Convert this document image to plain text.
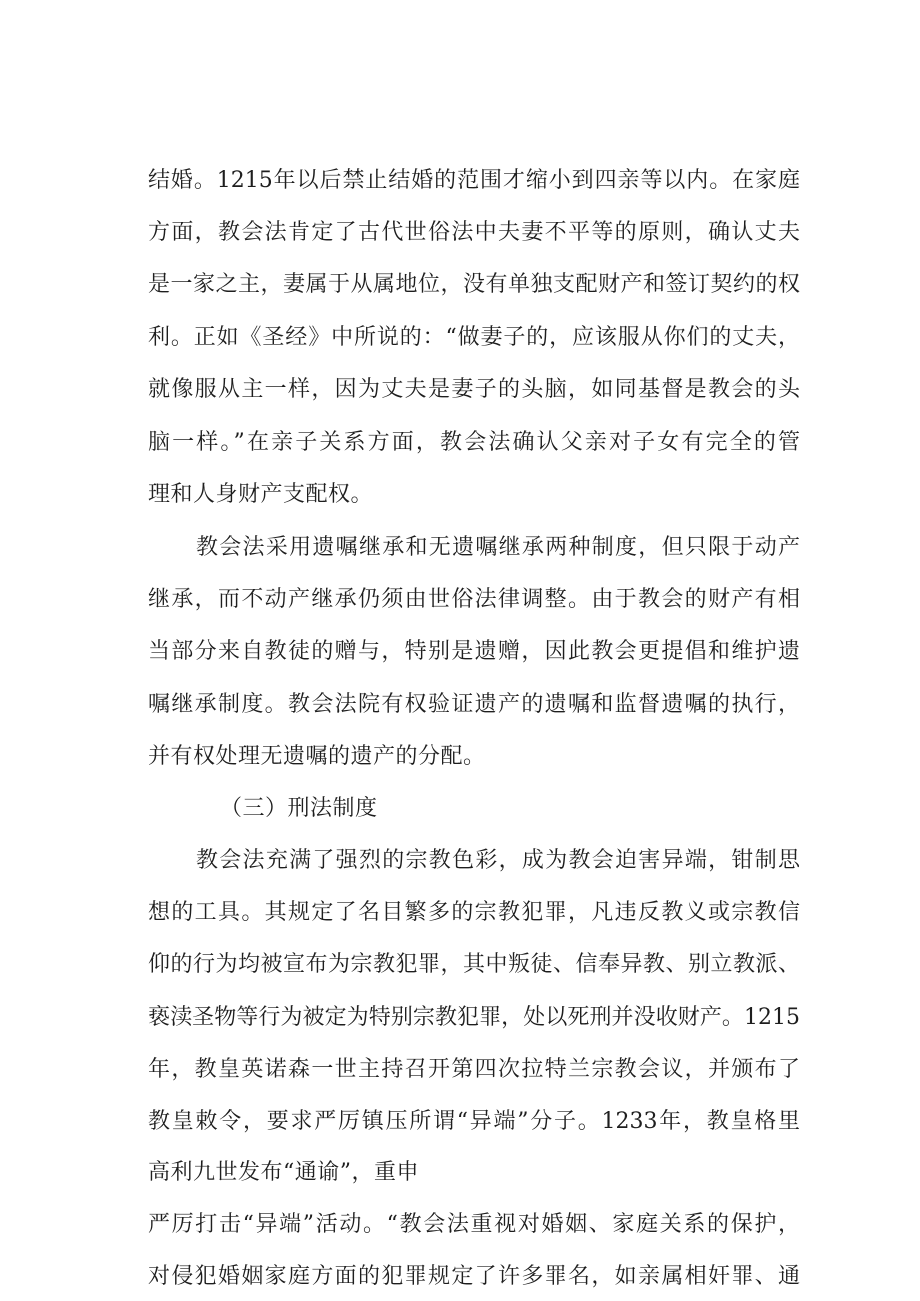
结婚。1215年以后禁止结婚的范围才缩小到四亲等以内。在家庭
方面，教会法肯定了古代世俗法中夫妻不平等的原则，确认丈夫
是一家之主，妻属于从属地位，没有单独支配财产和签订契约的权
利。正如《圣经》中所说的：“做妻子的，应该服从你们的丈夫，
就像服从主一样，因为丈夫是妻子的头脑，如同基督是教会的头
脑一样。”在亲子关系方面，教会法确认父亲对子女有完全的管
理和人身财产支配权。
教会法采用遗嘱继承和无遗嘱继承两种制度，但只限于动产
继承，而不动产继承仍须由世俗法律调整。由于教会的财产有相
当部分来自教徒的赠与，特别是遗赠，因此教会更提倡和维护遗
嘱继承制度。教会法院有权验证遗产的遗嘱和监督遗嘱的执行，
并有权处理无遗嘱的遗产的分配。
（三）刑法制度
教会法充满了强烈的宗教色彩，成为教会迫害异端，钳制思
想的工具。其规定了名目繁多的宗教犯罪，凡违反教义或宗教信
仰的行为均被宣布为宗教犯罪，其中叛徒、信奉异教、别立教派、
亵渎圣物等行为被定为特别宗教犯罪，处以死刑并没收财产。1215
年，教皇英诺森一世主持召开第四次拉特兰宗教会议，并颁布了
教皇敕令，要求严厉镇压所谓“异端”分子。1233年，教皇格里
高利九世发布“通谕”，重申
严厉打击“异端”活动。“教会法重视对婚姻、家庭关系的保护，
对侵犯婚姻家庭方面的犯罪规定了许多罪名，如亲属相奸罪、通
